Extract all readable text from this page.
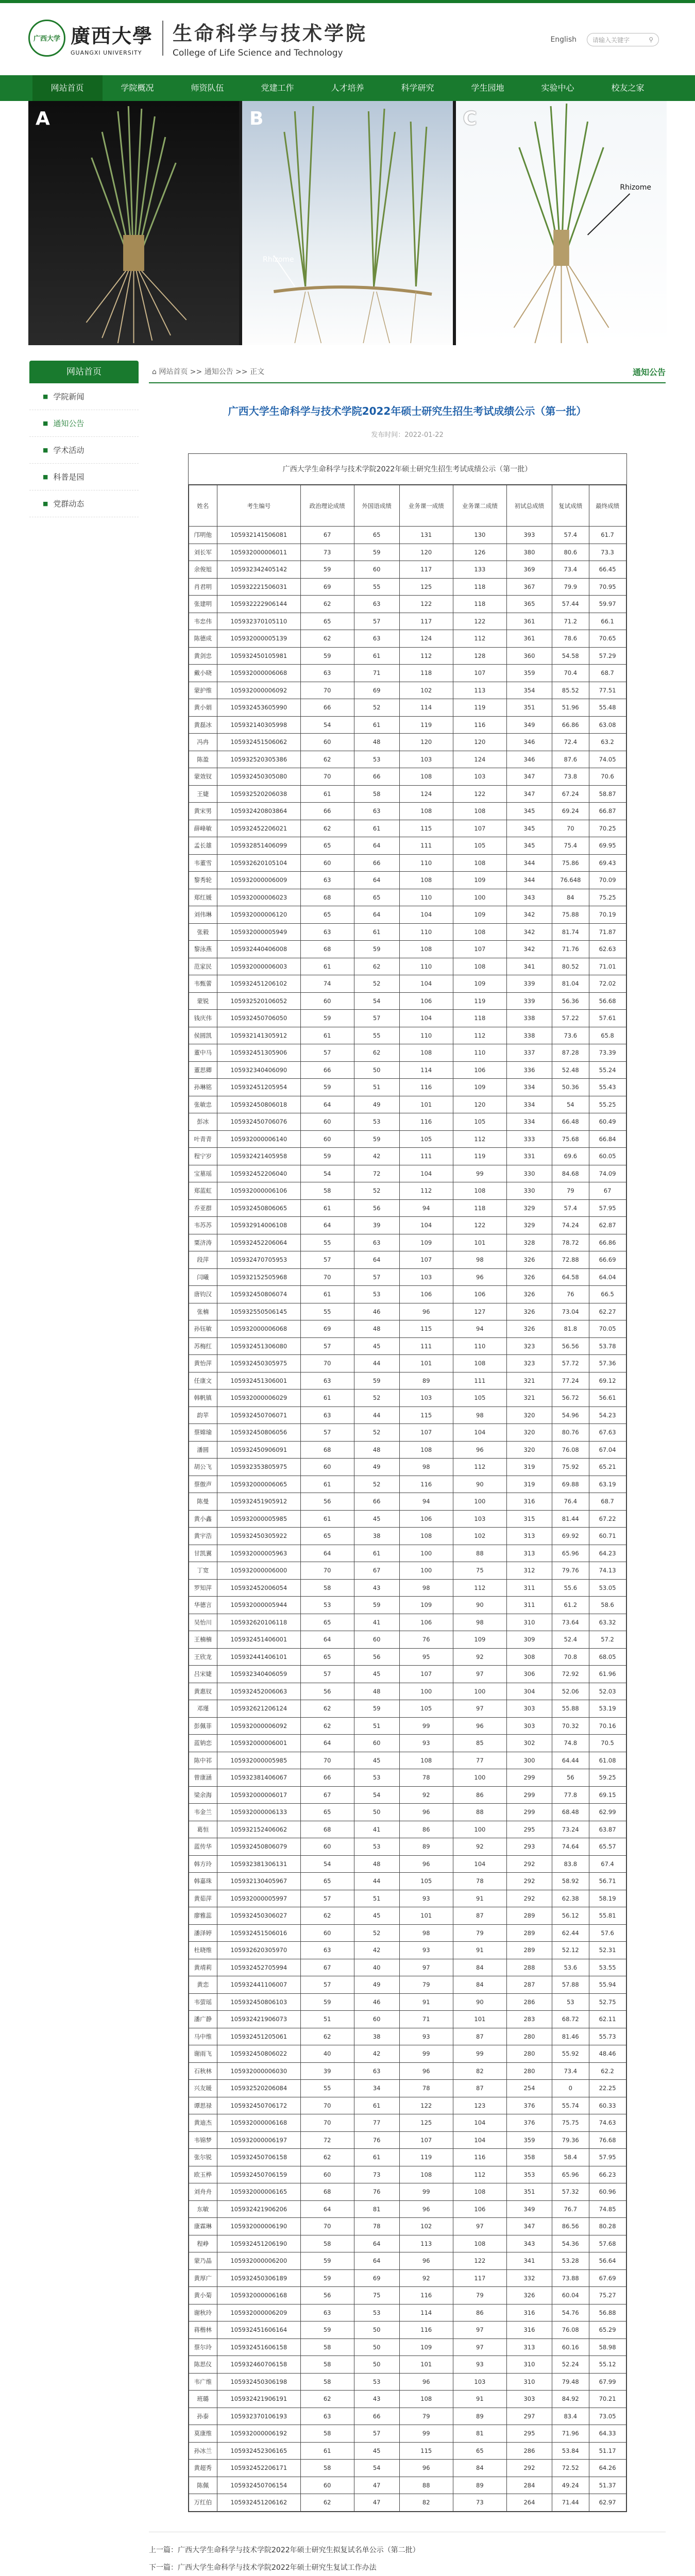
广西大学 廣西大學
GUANGXI UNIVERSITY
生命科学与技术学院
College of Life Science and Technology
English	请输入关键字	⚲
网站首页	学院概况	师资队伍	党建工作	人才培养	科学研究	学生园地	实验中心	校友之家
A	B
Rhizome
C
Rhizome
网站首页
■ 学院新闻
■ 通知公告
■ 学术活动
■ 科普是园
■ 党群动态
⌂ 网站首页 >> 通知公告 >> 正文	通知公告
广西大学生命科学与技术学院2022年硕士研究生招生考试成绩公示（第一批）
发布时间：2022-01-22
广西大学生命科学与技术学院2022年硕士研究生招生考试成绩公示（第一批）
姓名	考生编号	政治理论成绩	外国语成绩	业务课一成绩	业务课二成绩	初试总成绩	复试成绩	最终成绩
邝明他	105932141506081	67	65	131	130	393	57.4	61.7
刘长军	105932000006011	73	59	120	126	380	80.6	73.3
余俊旭	105932342405142	59	60	117	133	369	73.4	66.45
肖君明	105932221506031	69	55	125	118	367	79.9	70.95
张建明	105932222906144	62	63	122	118	365	57.44	59.97
韦忠伟	105932370105110	65	57	117	122	361	71.2	66.1
陈德成	105932000005139	62	63	124	112	361	78.6	70.65
黄剑忠	105932450105981	59	61	112	128	360	54.58	57.29
戴小晓	105932000006068	63	71	118	107	359	70.4	68.7
蒙护维	105932000006092	70	69	102	113	354	85.52	77.51
黄小娟	105932453605990	66	52	114	119	351	51.96	55.48
黄磊冰	105932140305998	54	61	119	116	349	66.86	63.08
冯冉	105932451506062	60	48	120	120	346	72.4	63.2
陈盈	105932520305386	62	53	103	124	346	87.6	74.05
蒙效钗	105932450305080	70	66	108	103	347	73.8	70.6
王婕	105932520206038	61	58	124	122	347	67.24	58.87
黄宋男	105932420803864	66	63	108	108	345	69.24	66.87
薛峰敏	105932452206021	62	61	115	107	345	70	70.25
孟长雄	105932851406099	65	64	111	105	345	75.4	69.95
韦董雪	105932620105104	60	66	110	108	344	75.86	69.43
黎秀轮	105932000006009	63	64	108	109	344	76.648	70.09
郑红媛	105932000006023	68	65	110	100	343	84	75.25
刘伟琳	105932000006120	65	64	104	109	342	75.88	70.19
张毅	105932000005949	63	61	110	108	342	81.74	71.87
黎泳燕	105932440406008	68	59	108	107	342	71.76	62.63
范家民	105932000006003	61	62	110	108	341	80.52	71.01
韦甄蕾	105932451206102	74	52	104	109	339	81.04	72.02
蒙锐	105932520106052	60	54	106	119	339	56.36	56.68
钱庆伟	105932450706050	59	57	104	118	338	57.22	57.61
侯圆凯	105932141305912	61	55	110	112	338	73.6	65.8
董中马	105932451305906	57	62	108	110	337	87.28	73.39
董思卿	105932340406090	66	50	114	106	336	52.48	55.24
孙琳铭	105932451205954	59	51	116	109	334	50.36	55.43
张敏忠	105932450806018	64	49	101	120	334	54	55.25
彭冰	105932450706076	60	53	116	105	334	66.48	60.49
叶青青	105932000006140	60	59	105	112	333	75.68	66.84
程宁岁	105932421405958	59	42	111	119	331	69.6	60.05
宝墓瑶	105932452206040	54	72	104	99	330	84.68	74.09
郑蓝虹	105932000006106	58	52	112	108	330	79	67
乔亚群	105932450806065	61	56	94	118	329	57.4	57.95
韦苏苏	105932914006108	64	39	104	122	329	74.24	62.87
粟济涛	105932452206064	55	63	109	101	328	78.72	66.86
段萍	105932470705953	57	64	107	98	326	72.88	66.69
闫曦	105932152505968	70	57	103	96	326	64.58	64.04
唐钧汉	105932450806074	61	53	106	106	326	76	66.5
张楠	105932550506145	55	46	96	127	326	73.04	62.27
孙钰敏	105932000006068	69	48	115	94	326	81.8	70.05
苏梅红	105932451306080	57	45	111	110	323	56.56	53.78
黄怡萍	105932450305975	70	44	101	108	323	57.72	57.36
任康文	105932451306001	63	59	89	111	321	77.24	69.12
韩帆镇	105932000006029	61	52	103	105	321	56.72	56.61
韵苹	105932450706071	63	44	115	98	320	54.96	54.23
蔡嫦瑜	105932450806056	57	52	107	104	320	80.76	67.63
潘圆	105932450906091	68	48	108	96	320	76.08	67.04
胡公飞	105932353805975	60	49	98	112	319	75.92	65.21
蔡傲声	105932000006065	61	52	116	90	319	69.88	63.19
陈曼	105932451905912	56	66	94	100	316	76.4	68.7
黄小鑫	105932000005985	61	45	106	103	315	81.44	67.22
黄宇浩	105932450305922	65	38	108	102	313	69.92	60.71
甘凯翼	105932000005963	64	61	100	88	313	65.96	64.23
丁宽	105932000006000	70	67	100	75	312	79.76	74.13
罗知萍	105932452006054	58	43	98	112	311	55.6	53.05
华德言	105932000005944	53	59	109	90	311	61.2	58.6
吴怡川	105932620106118	65	41	106	98	310	73.64	63.32
王楠楠	105932451406001	64	60	76	109	309	52.4	57.2
王欣龙	105932441406101	65	56	95	92	308	70.8	68.05
吕宋婕	105932340406059	57	45	107	97	306	72.92	61.96
黄惠钗	105932452006063	56	48	100	100	304	52.06	52.03
邓瑾	105932621206124	62	59	105	97	303	55.88	53.19
彭佩菲	105932000006092	62	51	99	96	303	70.32	70.16
蓝钠恋	105932000006001	64	60	93	85	302	74.8	70.5
陈中祁	105932000005985	70	45	108	77	300	64.44	61.08
曾康涵	105932381406067	66	53	78	100	299	56	59.25
梁余海	105932000006017	67	54	92	86	299	77.8	69.15
韦金兰	105932000006133	65	50	96	88	299	68.48	62.99
葛恒	105932152406062	68	41	86	100	295	73.24	63.87
蓝传华	105932450806079	60	53	89	92	293	74.64	65.57
韩方玲	105932381306131	54	48	96	104	292	83.8	67.4
韩嘉珠	105932130405967	65	44	105	78	292	58.92	56.71
黄茹萍	105932000005997	57	51	93	91	292	62.38	58.19
廖雅蕊	105932450306027	62	45	101	87	289	56.12	55.81
潘泽婷	105932451506016	60	52	98	79	289	62.44	57.6
杜晓维	105932620305970	63	42	93	91	289	52.12	52.31
黄靖莉	105932452705994	67	40	97	84	288	53.6	53.55
黄恋	105932441106007	57	49	79	84	287	57.88	55.94
韦萤瑶	105932450806103	59	46	91	90	286	53	52.75
潘广静	105932421906073	51	60	71	101	283	68.72	62.11
马中维	105932451205061	62	38	93	87	280	81.46	55.73
谢雨飞	105932450806022	40	42	99	99	280	55.92	48.46
石秋林	105932000006030	39	63	96	82	280	73.4	62.2
兴友暖	105932520206084	55	34	78	87	254	0	22.25
谭思禄	105932450706172	70	61	122	123	376	55.74	60.33
黄迪杰	105932000006168	70	77	125	104	376	75.75	74.63
韦锦梦	105932000006197	72	76	107	104	359	79.36	76.68
张尔锐	105932450706158	62	61	119	116	358	58.4	57.95
欧玉桦	105932450706159	60	73	108	112	353	65.96	66.23
刘舟舟	105932000006165	68	76	99	108	351	57.32	60.96
东敏	105932421906206	64	81	96	106	349	76.7	74.85
康霖琳	105932000006190	70	78	102	97	347	86.56	80.28
程峥	105932451206190	58	64	113	108	343	54.36	57.68
蒙乃晶	105932000006200	59	64	96	122	341	53.28	56.64
黄厚广	105932450306189	59	69	92	117	332	73.88	67.69
黄小菊	105932000006168	56	75	116	79	326	60.04	75.27
谢秋玲	105932000006209	63	53	114	86	316	54.76	56.88
蒋楷林	105932451606164	59	50	116	97	316	76.08	65.29
蔡尔玲	105932451606158	58	50	109	97	313	60.16	58.98
陈思仪	105932460706158	58	50	101	93	310	52.24	55.12
韦广维	105932450306198	58	53	96	103	310	79.48	67.99
班璐	105932421906191	62	43	108	91	303	84.92	70.21
孙泰	105932370106193	63	66	79	89	297	83.4	73.05
莫康维	105932000006192	58	57	99	81	295	71.96	64.33
孙冰兰	105932452306165	61	45	115	65	286	53.84	51.17
黄超秀	105932452206171	58	54	96	84	292	72.52	64.26
陈佩	105932450706154	60	47	88	89	284	49.24	51.37
万红伯	105932451206162	62	47	82	73	264	71.44	62.97
上一篇：广西大学生命科学与技术学院2022年硕士研究生拟复试名单公示（第二批）
下一篇：广西大学生命科学与技术学院2022年硕士研究生复试工作办法
